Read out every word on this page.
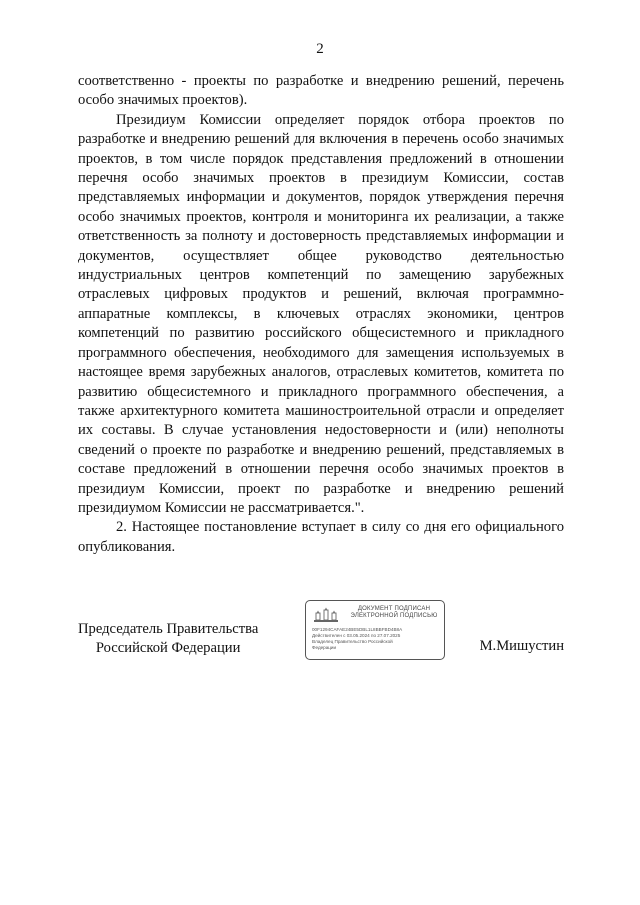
2

соответственно - проекты по разработке и внедрению решений, перечень особо значимых проектов).

Президиум Комиссии определяет порядок отбора проектов по разработке и внедрению решений для включения в перечень особо значимых проектов, в том числе порядок представления предложений в отношении перечня особо значимых проектов в президиум Комиссии, состав представляемых информации и документов, порядок утверждения перечня особо значимых проектов, контроля и мониторинга их реализации, а также ответственность за полноту и достоверность представляемых информации и документов, осуществляет общее руководство деятельностью индустриальных центров компетенций по замещению зарубежных отраслевых цифровых продуктов и решений, включая программно-аппаратные комплексы, в ключевых отраслях экономики, центров компетенций по развитию российского общесистемного и прикладного программного обеспечения, необходимого для замещения используемых в настоящее время зарубежных аналогов, отраслевых комитетов, комитета по развитию общесистемного и прикладного программного обеспечения, а также архитектурного комитета машиностроительной отрасли и определяет их составы. В случае установления недостоверности и (или) неполноты сведений о проекте по разработке и внедрению решений, представляемых в составе предложений в отношении перечня особо значимых проектов в президиум Комиссии, проект по разработке и внедрению решений президиумом Комиссии не рассматривается.".

2. Настоящее постановление вступает в силу со дня его официального опубликования.

Председатель Правительства
Российской Федерации
ДОКУМЕНТ ПОДПИСАН
ЭЛЕКТРОННОЙ ПОДПИСЬЮ
00F1294CAFAE24BE5DBL1L8BBFBD4B8A
Действителен с 03.05.2024 по 27.07.2025
Владелец Правительство Российской
Федерации	М.Мишустин
